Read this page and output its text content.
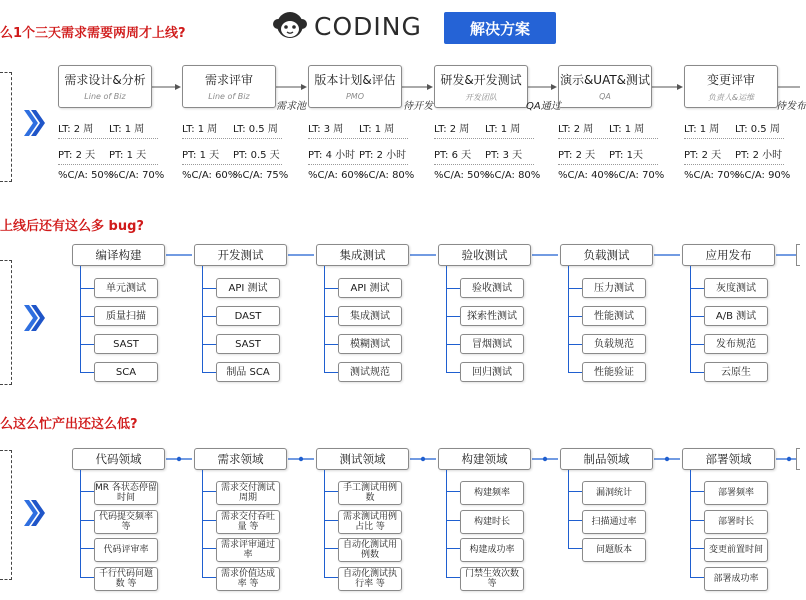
么1个三天需求需要两周才上线?	CODING	解决方案
需求设计&分析
Line of Biz
需求评审
Line of Biz
版本计划&评估
PMO
研发&开发测试
开发团队
演示&UAT&测试
QA
变更评审
负责人&运维
需求池	待开发	QA通过	待发布
LT: 2 周 LT: 1 周
PT: 2 天 PT: 1 天
%C/A: 50%
%C/A: 70%
LT: 1 周 LT: 0.5 周
PT: 1 天 PT: 0.5 天
%C/A: 60%
%C/A: 75%
LT: 3 周 LT: 1 周
PT: 4 小时 PT: 2 小时
%C/A: 60%
%C/A: 80%
LT: 2 周 LT: 1 周
PT: 6 天 PT: 3 天
%C/A: 50%
%C/A: 80%
LT: 2 周 LT: 1 周
PT: 2 天 PT: 1天
%C/A: 40%
%C/A: 70%
LT: 1 周 LT: 0.5 周
PT: 2 天 PT: 2 小时
%C/A: 70%
%C/A: 90%
上线后还有这么多 bug?
编译构建
单元测试
质量扫描
SAST
SCA
开发测试
API 测试
DAST
SAST
制品 SCA
集成测试
API 测试
集成测试
模糊测试
测试规范
验收测试
验收测试
探索性测试
冒烟测试
回归测试
负载测试
压力测试
性能测试
负载规范
性能验证
应用发布
灰度测试
A/B 测试
发布规范
云原生
么这么忙产出还这么低?
代码领域
MR 各状态停留时间
代码提交频率 等
代码评审率
千行代码问题数 等
需求领域
需求交付测试周期
需求交付吞吐量 等
需求评审通过率
需求价值达成率 等
测试领域
手工测试用例数
需求测试用例占比 等
自动化测试用例数
自动化测试执行率 等
构建领域
构建频率
构建时长
构建成功率
门禁生效次数 等
制品领域
漏洞统计
扫描通过率
问题版本
部署领域
部署频率
部署时长
变更前置时间
部署成功率
